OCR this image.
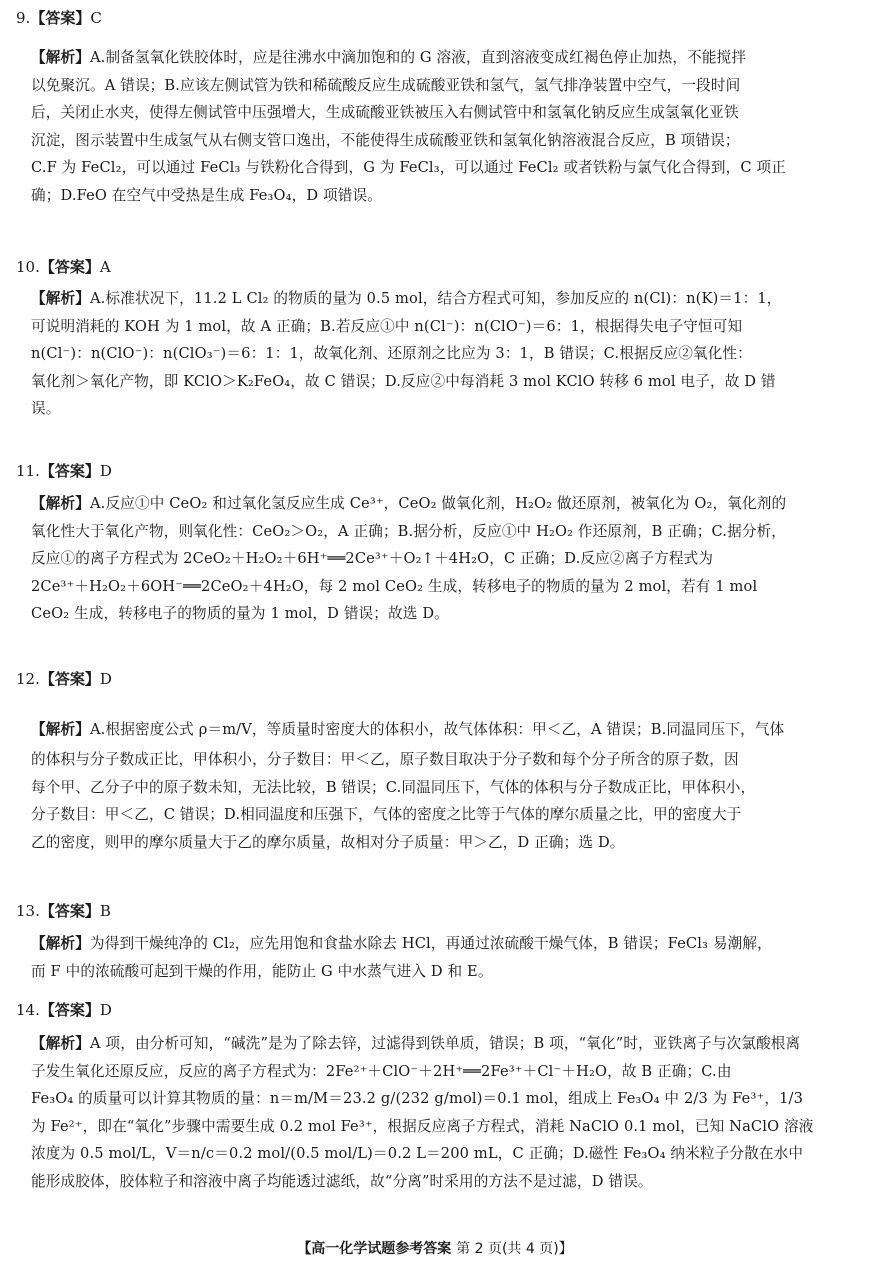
9.【答案】C
【解析】A.制备氢氧化铁胶体时，应是往沸水中滴加饱和的 G 溶液，直到溶液变成红褐色停止加热，不能搅拌
以免聚沉。A 错误；B.应该左侧试管为铁和稀硫酸反应生成硫酸亚铁和氢气，氢气排净装置中空气，一段时间
后，关闭止水夹，使得左侧试管中压强增大，生成硫酸亚铁被压入右侧试管中和氢氧化钠反应生成氢氧化亚铁
沉淀，图示装置中生成氢气从右侧支管口逸出，不能使得生成硫酸亚铁和氢氧化钠溶液混合反应，B 项错误；
C.F 为 FeCl₂，可以通过 FeCl₃ 与铁粉化合得到，G 为 FeCl₃，可以通过 FeCl₂ 或者铁粉与氯气化合得到，C 项正
确；D.FeO 在空气中受热是生成 Fe₃O₄，D 项错误。
10.【答案】A
【解析】A.标准状况下，11.2 L Cl₂ 的物质的量为 0.5 mol，结合方程式可知，参加反应的 n(Cl)：n(K)＝1：1，
可说明消耗的 KOH 为 1 mol，故 A 正确；B.若反应①中 n(Cl⁻)：n(ClO⁻)＝6：1，根据得失电子守恒可知
n(Cl⁻)：n(ClO⁻)：n(ClO₃⁻)＝6：1：1，故氧化剂、还原剂之比应为 3：1，B 错误；C.根据反应②氧化性：
氧化剂＞氧化产物，即 KClO＞K₂FeO₄，故 C 错误；D.反应②中每消耗 3 mol KClO 转移 6 mol 电子，故 D 错
误。
11.【答案】D
【解析】A.反应①中 CeO₂ 和过氧化氢反应生成 Ce³⁺，CeO₂ 做氧化剂，H₂O₂ 做还原剂，被氧化为 O₂，氧化剂的
氧化性大于氧化产物，则氧化性：CeO₂＞O₂，A 正确；B.据分析，反应①中 H₂O₂ 作还原剂，B 正确；C.据分析，
反应①的离子方程式为 2CeO₂＋H₂O₂＋6H⁺══2Ce³⁺＋O₂↑＋4H₂O，C 正确；D.反应②离子方程式为
2Ce³⁺＋H₂O₂＋6OH⁻══2CeO₂＋4H₂O，每 2 mol CeO₂ 生成，转移电子的物质的量为 2 mol，若有 1 mol
CeO₂ 生成，转移电子的物质的量为 1 mol，D 错误；故选 D。
12.【答案】D
【解析】A.根据密度公式 ρ＝m/V，等质量时密度大的体积小，故气体体积：甲＜乙，A 错误；B.同温同压下，气体
的体积与分子数成正比，甲体积小，分子数目：甲＜乙，原子数目取决于分子数和每个分子所含的原子数，因
每个甲、乙分子中的原子数未知，无法比较，B 错误；C.同温同压下，气体的体积与分子数成正比，甲体积小，
分子数目：甲＜乙，C 错误；D.相同温度和压强下，气体的密度之比等于气体的摩尔质量之比，甲的密度大于
乙的密度，则甲的摩尔质量大于乙的摩尔质量，故相对分子质量：甲＞乙，D 正确；选 D。
13.【答案】B
【解析】为得到干燥纯净的 Cl₂，应先用饱和食盐水除去 HCl，再通过浓硫酸干燥气体，B 错误；FeCl₃ 易潮解，
而 F 中的浓硫酸可起到干燥的作用，能防止 G 中水蒸气进入 D 和 E。
14.【答案】D
【解析】A 项，由分析可知，“碱洗”是为了除去锌，过滤得到铁单质，错误；B 项，“氧化”时，亚铁离子与次氯酸根离
子发生氧化还原反应，反应的离子方程式为：2Fe²⁺＋ClO⁻＋2H⁺══2Fe³⁺＋Cl⁻＋H₂O，故 B 正确；C.由
Fe₃O₄ 的质量可以计算其物质的量：n＝m/M＝23.2 g/(232 g/mol)＝0.1 mol，组成上 Fe₃O₄ 中 2/3 为 Fe³⁺，1/3
为 Fe²⁺，即在“氧化”步骤中需要生成 0.2 mol Fe³⁺，根据反应离子方程式，消耗 NaClO 0.1 mol，已知 NaClO 溶液
浓度为 0.5 mol/L，V＝n/c＝0.2 mol/(0.5 mol/L)＝0.2 L＝200 mL，C 正确；D.磁性 Fe₃O₄ 纳米粒子分散在水中
能形成胶体，胶体粒子和溶液中离子均能透过滤纸，故“分离”时采用的方法不是过滤，D 错误。
【高一化学试题参考答案 第 2 页(共 4 页)】
